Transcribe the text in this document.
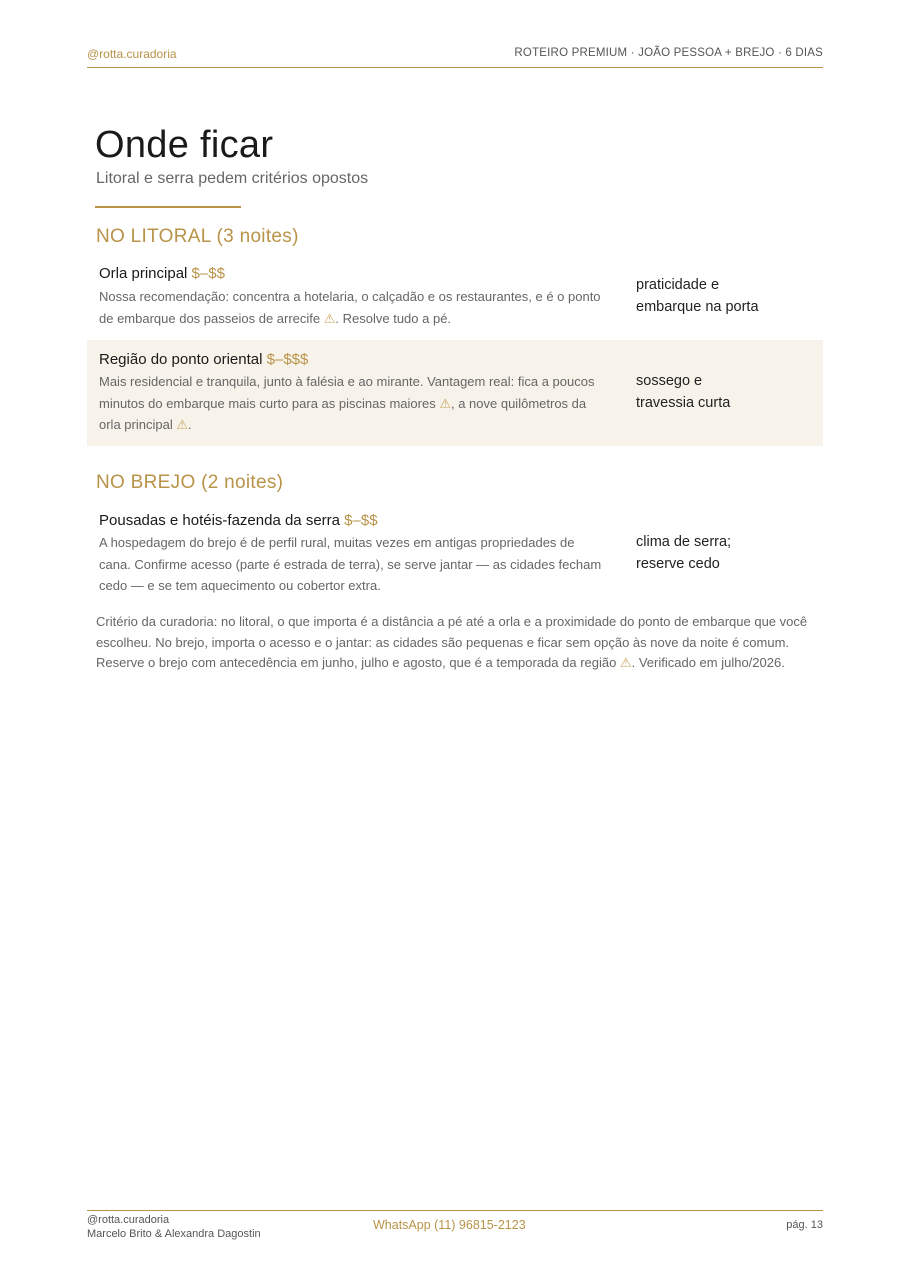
@rotta.curadoria	ROTEIRO PREMIUM · JOÃO PESSOA + BREJO · 6 DIAS
Onde ficar
Litoral e serra pedem critérios opostos
NO LITORAL (3 noites)
Orla principal $–$$
Nossa recomendação: concentra a hotelaria, o calçadão e os restaurantes, e é o ponto de embarque dos passeios de arrecife ⚠. Resolve tudo a pé.
praticidade e
embarque na porta
Região do ponto oriental $–$$$
Mais residencial e tranquila, junto à falésia e ao mirante. Vantagem real: fica a poucos minutos do embarque mais curto para as piscinas maiores ⚠, a nove quilômetros da orla principal ⚠.
sossego e
travessia curta
NO BREJO (2 noites)
Pousadas e hotéis-fazenda da serra $–$$
A hospedagem do brejo é de perfil rural, muitas vezes em antigas propriedades de cana. Confirme acesso (parte é estrada de terra), se serve jantar — as cidades fecham cedo — e se tem aquecimento ou cobertor extra.
clima de serra;
reserve cedo
Critério da curadoria: no litoral, o que importa é a distância a pé até a orla e a proximidade do ponto de embarque que você escolheu. No brejo, importa o acesso e o jantar: as cidades são pequenas e ficar sem opção às nove da noite é comum. Reserve o brejo com antecedência em junho, julho e agosto, que é a temporada da região ⚠. Verificado em julho/2026.
@rotta.curadoria
Marcelo Brito & Alexandra Dagostin
WhatsApp (11) 96815-2123	pág. 13
